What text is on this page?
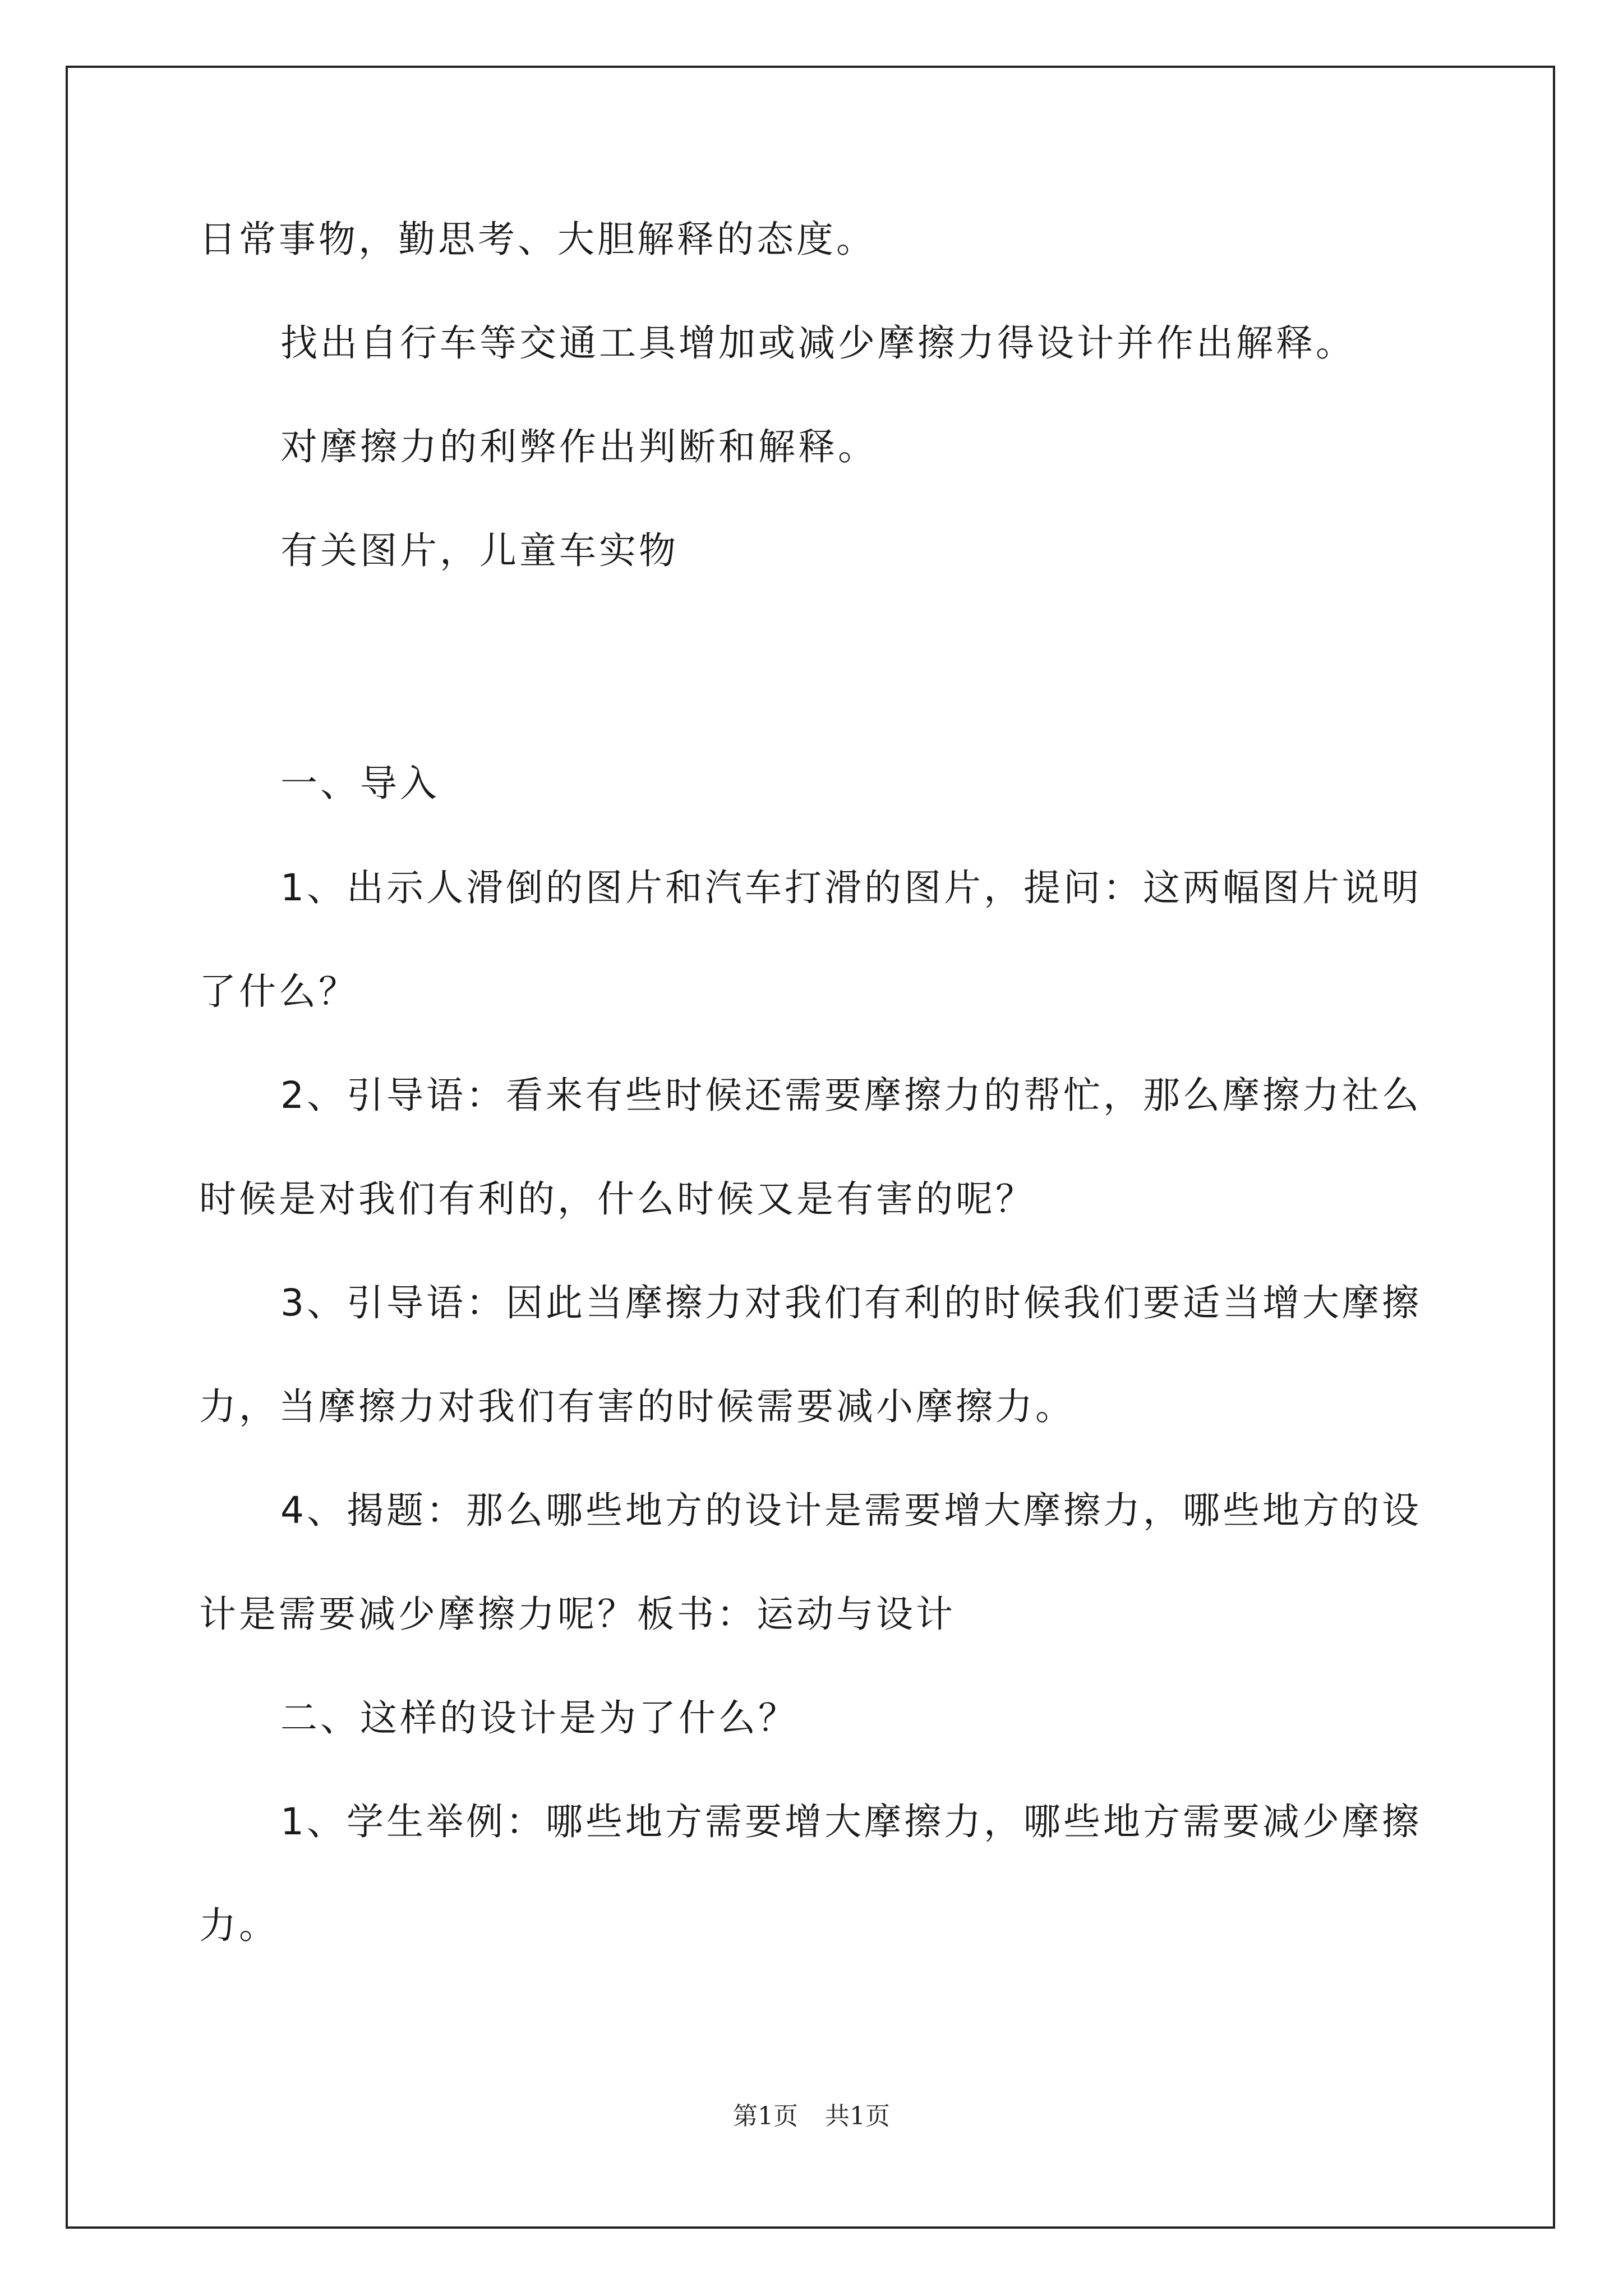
日常事物，勤思考、大胆解释的态度。
找出自行车等交通工具增加或减少摩擦力得设计并作出解释。
对摩擦力的利弊作出判断和解释。
有关图片，儿童车实物
一、导入
1、出示人滑倒的图片和汽车打滑的图片，提问：这两幅图片说明
了什么？
2、引导语：看来有些时候还需要摩擦力的帮忙，那么摩擦力社么
时候是对我们有利的，什么时候又是有害的呢？
3、引导语：因此当摩擦力对我们有利的时候我们要适当增大摩擦
力，当摩擦力对我们有害的时候需要减小摩擦力。
4、揭题：那么哪些地方的设计是需要增大摩擦力，哪些地方的设
计是需要减少摩擦力呢？板书：运动与设计
二、这样的设计是为了什么？
1、学生举例：哪些地方需要增大摩擦力，哪些地方需要减少摩擦
力。
第1页 共1页
